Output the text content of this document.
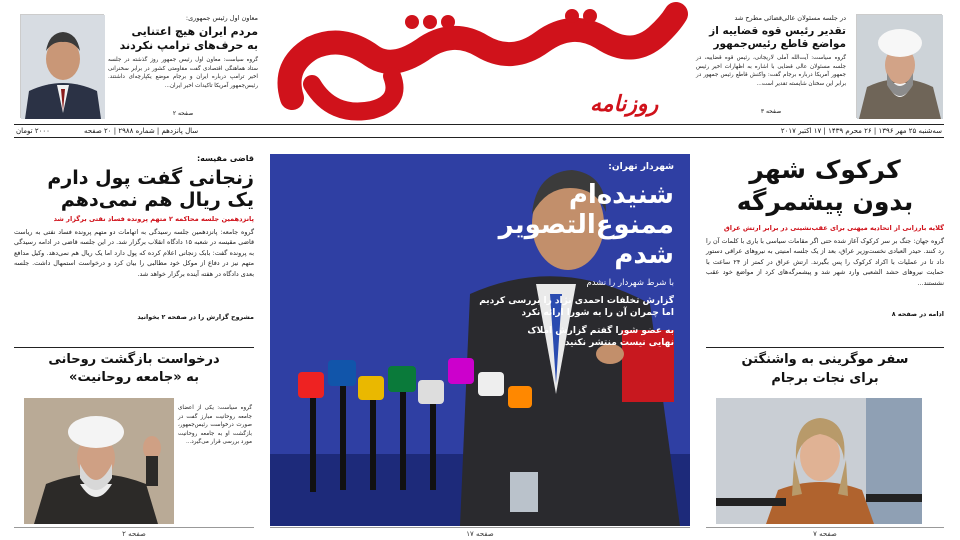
معاون اول رئیس جمهوری:
مردم ایران هیچ اعتنایی
به حرف‌های ترامپ نکردند
گروه سیاست: معاون اول رئیس جمهور روز گذشته در جلسه ستاد هماهنگی اقتصادی گفت مقاومتی کشور در برابر سخنرانی اخیر ترامپ درباره ایران و برجام موضع یکپارچه‌ای داشتند. رئیس‌جمهور آمریکا تاکیدات اخیر ایران...
صفحه ۲	روزنامه
در جلسه مسئولان عالی‌قضائی مطرح شد
تقدیر رئیس قوه قضاییه از
مواضع قاطع رئیس‌جمهور
گروه سیاست: آیت‌الله آملی لاریجانی، رئیس قوه قضاییه، در جلسه مسئولان عالی قضایی با اشاره به اظهارات اخیر رئیس جمهور آمریکا درباره برجام گفت: واکنش قاطع رئیس جمهور در برابر این سخنان شایسته تقدیر است...
صفحه ۳
سه‌شنبه ۲۵ مهر ۱۳۹۶ | ۲۶ محرم ۱۴۳۹ | ۱۷ اکتبر ۲۰۱۷
سال پانزدهم | شماره ۲۹۸۸ | ۲۰ صفحه
۲۰۰۰ تومان
قاضی مقیسه:
زنجانی گفت پول دارم
یک ریال هم نمی‌دهم
پانزدهمین جلسه محاکمه ۲ متهم پرونده فساد نفتی برگزار شد
گروه جامعه: پانزدهمین جلسه رسیدگی به اتهامات دو متهم پرونده فساد نفتی به ریاست قاضی مقیسه در شعبه ۱۵ دادگاه انقلاب برگزار شد. در این جلسه قاضی در ادامه رسیدگی به پرونده گفت: بابک زنجانی اعلام کرده که پول دارد اما یک ریال هم نمی‌دهد. وکیل مدافع متهم نیز در دفاع از موکل خود مطالبی را بیان کرد و درخواست استمهال داشت. جلسه بعدی دادگاه در هفته آینده برگزار خواهد شد.
مشروح گزارش را در صفحه ۲ بخوانید
درخواست بازگشت روحانی
به «جامعه روحانیت»
گروه سیاست: یکی از اعضای جامعه روحانیت مبارز گفت در صورت درخواست رئیس‌جمهور، بازگشت او به جامعه روحانیت مورد بررسی قرار می‌گیرد...
صفحه ۲
شهردار تهران:
شنیده‌ام
ممنوع‌التصویر شدم
با شرط شهردار را نشدم
گزارش تخلفات احمدی نژاد را بررسی کردیم
اما چمران آن را به شورا ارائه نکرد
به عضو شورا گفتم گزارش املاک
نهایی نیست منتشر نکنید
عکس: محمد شاهنامه
صفحه ۱۷
کرکوک شهر
بدون پیشمرگه
گلایه بارزانی از اتحادیه میهنی برای عقب‌نشینی در برابر ارتش عراق
گروه جهان: جنگ بر سر کرکوک آغاز شده حتی اگر مقامات سیاسی با یاری با کلمات آن را رد کنند. حیدر العبادی نخست‌وزیر عراق، بعد از یک جلسه امنیتی به نیروهای عراقی دستور داد تا در عملیات با اکراد کرکوک را پس بگیرند. ارتش عراق در کمتر از ۲۴ ساعت با حمایت نیروهای حشد الشعبی وارد شهر شد و پیشمرگه‌های کرد از مواضع خود عقب نشستند...
ادامه در صفحه ۸
سفر موگرینی به واشنگتن
برای نجات برجام
صفحه ۷
